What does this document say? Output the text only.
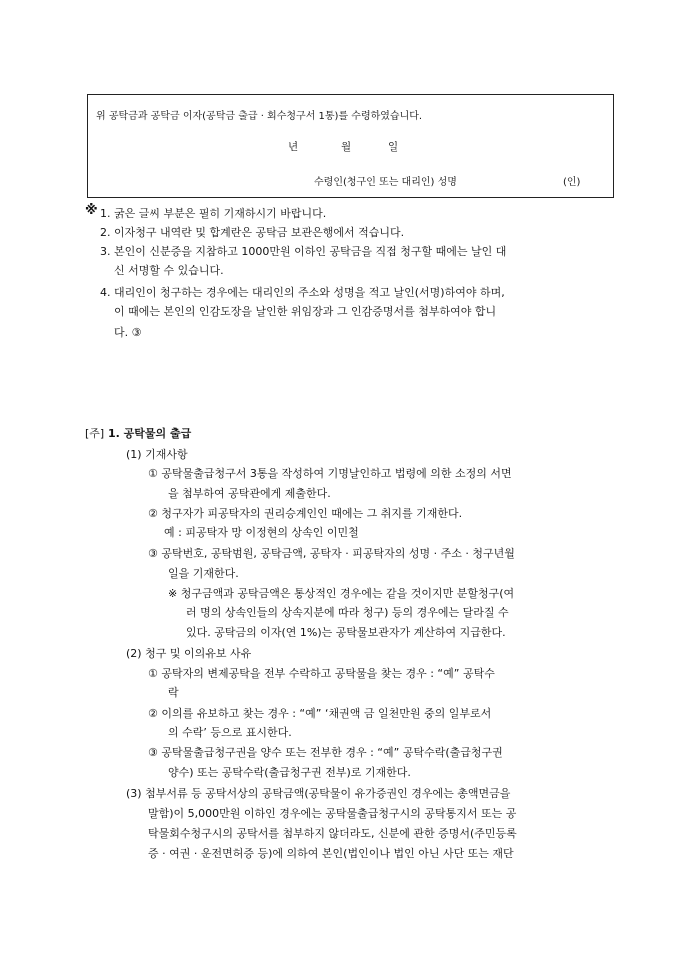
위 공탁금과 공탁금 이자(공탁금 출급 · 회수청구서 1통)를 수령하였습니다.
년	월	일
수령인(청구인 또는 대리인) 성명	(인)
※ 1. 굵은 글씨 부분은 필히 기재하시기 바랍니다.
2. 이자청구 내역란 및 합계란은 공탁금 보관은행에서 적습니다.
3. 본인이 신분증을 지참하고 1000만원 이하인 공탁금을 직접 청구할 때에는 날인 대
신 서명할 수 있습니다.
4. 대리인이 청구하는 경우에는 대리인의 주소와 성명을 적고 날인(서명)하여야 하며,
이 때에는 본인의 인감도장을 날인한 위임장과 그 인감증명서를 첨부하여야 합니
다. ③
[주] 1. 공탁물의 출급
(1) 기재사항
① 공탁물출급청구서 3통을 작성하여 기명날인하고 법령에 의한 소정의 서면
을 첨부하여 공탁관에게 제출한다.
② 청구자가 피공탁자의 권리승계인인 때에는 그 취지를 기재한다.
예 : 피공탁자 망 이정현의 상속인 이민철
③ 공탁번호, 공탁범원, 공탁금액, 공탁자 · 피공탁자의 성명 · 주소 · 청구년월
일을 기재한다.
※ 청구금액과 공탁금액은 통상적인 경우에는 같을 것이지만 분할청구(여
러 명의 상속인들의 상속지분에 따라 청구) 등의 경우에는 달라질 수
있다. 공탁금의 이자(연 1%)는 공탁물보관자가 계산하여 지급한다.
(2) 청구 및 이의유보 사유
① 공탁자의 변제공탁을 전부 수락하고 공탁물을 찾는 경우 : “예” 공탁수
락
② 이의를 유보하고 찾는 경우 : “예” ‘채권액 금 일천만원 중의 일부로서
의 수락’ 등으로 표시한다.
③ 공탁물출급청구권을 양수 또는 전부한 경우 : “예” 공탁수락(출급청구권
양수) 또는 공탁수락(출급청구권 전부)로 기재한다.
(3) 첨부서류 등 공탁서상의 공탁금액(공탁물이 유가증권인 경우에는 총액면금을
말함)이 5,000만원 이하인 경우에는 공탁물출급청구시의 공탁통지서 또는 공
탁물회수청구시의 공탁서를 첨부하지 않더라도, 신분에 관한 증명서(주민등록
증 · 여권 · 운전면허증 등)에 의하여 본인(법인이나 법인 아닌 사단 또는 재단
